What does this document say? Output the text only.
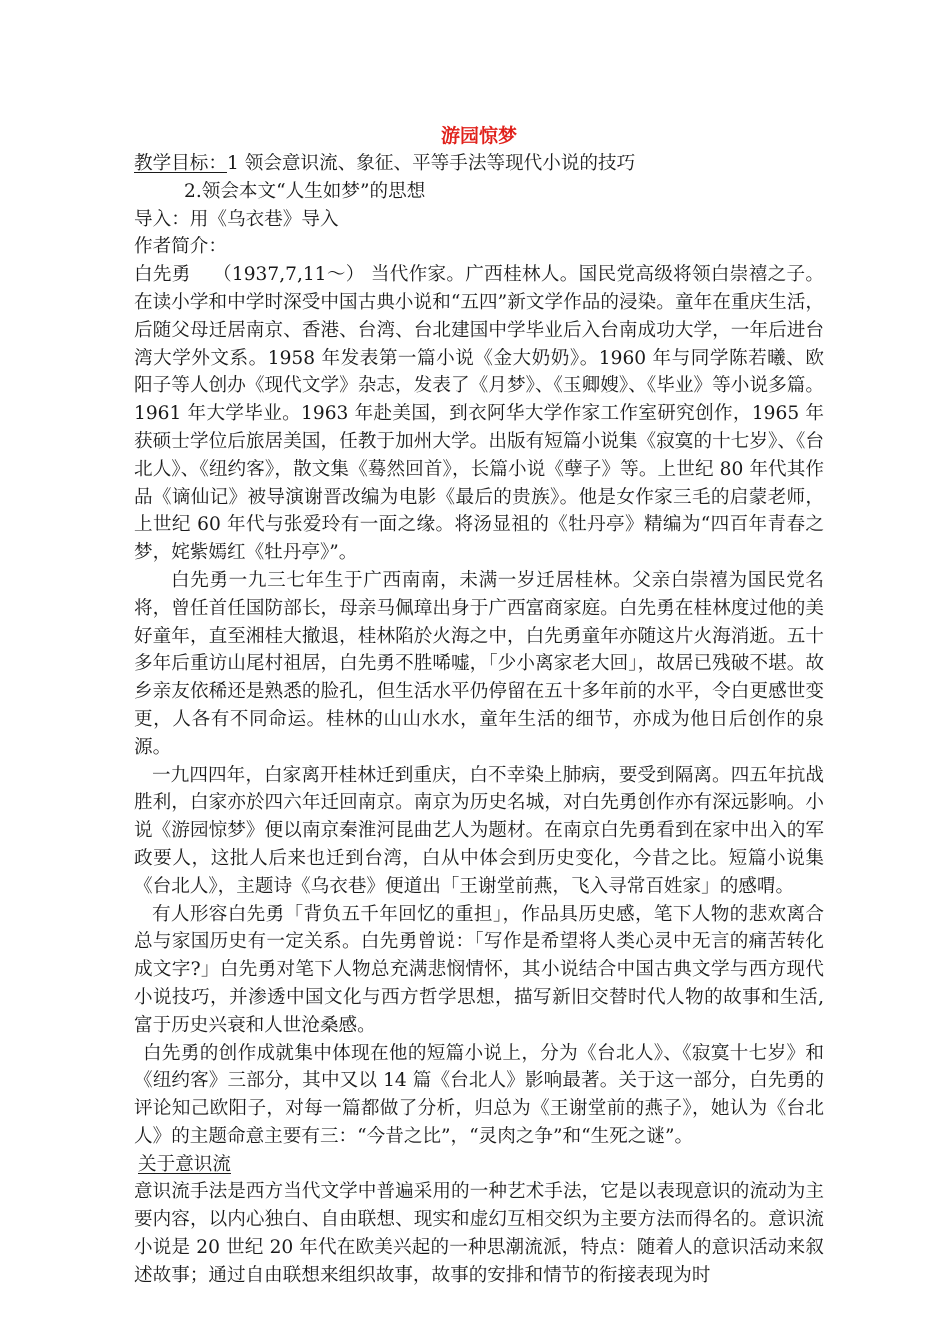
游园惊梦

教学目标：1 领会意识流、象征、平等手法等现代小说的技巧

2.领会本文“人生如梦”的思想

导入：用《乌衣巷》导入

作者简介：

白先勇 （1937,7,11～） 当代作家。广西桂林人。国民党高级将领白崇禧之子。在读小学和中学时深受中国古典小说和“五四”新文学作品的浸染。童年在重庆生活，后随父母迁居南京、香港、台湾、台北建国中学毕业后入台南成功大学，一年后进台湾大学外文系。1958 年发表第一篇小说《金大奶奶》。1960 年与同学陈若曦、欧阳子等人创办《现代文学》杂志，发表了《月梦》、《玉卿嫂》、《毕业》等小说多篇。1961 年大学毕业。1963 年赴美国，到衣阿华大学作家工作室研究创作，1965 年获硕士学位后旅居美国，任教于加州大学。出版有短篇小说集《寂寞的十七岁》、《台北人》、《纽约客》，散文集《蓦然回首》，长篇小说《孽子》等。上世纪 80 年代其作品《谪仙记》被导演谢晋改编为电影《最后的贵族》。他是女作家三毛的启蒙老师，上世纪 60 年代与张爱玲有一面之缘。将汤显祖的《牡丹亭》精编为“四百年青春之梦，姹紫嫣红《牡丹亭》”。

白先勇一九三七年生于广西南南，未满一岁迁居桂林。父亲白崇禧为国民党名将，曾任首任国防部长，母亲马佩璋出身于广西富商家庭。白先勇在桂林度过他的美好童年，直至湘桂大撤退，桂林陷於火海之中，白先勇童年亦随这片火海消逝。五十多年后重访山尾村祖居，白先勇不胜唏嘘，「少小离家老大回」，故居已残破不堪。故乡亲友依稀还是熟悉的脸孔，但生活水平仍停留在五十多年前的水平，令白更感世变更，人各有不同命运。桂林的山山水水，童年生活的细节，亦成为他日后创作的泉源。

一九四四年，白家离开桂林迁到重庆，白不幸染上肺病，要受到隔离。四五年抗战胜利，白家亦於四六年迁回南京。南京为历史名城，对白先勇创作亦有深远影响。小说《游园惊梦》便以南京秦淮河昆曲艺人为题材。在南京白先勇看到在家中出入的军政要人，这批人后来也迁到台湾，白从中体会到历史变化，今昔之比。短篇小说集《台北人》，主题诗《乌衣巷》便道出「王谢堂前燕，飞入寻常百姓家」的感喟。

有人形容白先勇「背负五千年回忆的重担」，作品具历史感，笔下人物的悲欢离合总与家国历史有一定关系。白先勇曾说：「写作是希望将人类心灵中无言的痛苦转化成文字?」白先勇对笔下人物总充满悲悯情怀，其小说结合中国古典文学与西方现代小说技巧，并渗透中国文化与西方哲学思想，描写新旧交替时代人物的故事和生活,富于历史兴衰和人世沧桑感。

白先勇的创作成就集中体现在他的短篇小说上，分为《台北人》、《寂寞十七岁》和《纽约客》三部分，其中又以 14 篇《台北人》影响最著。关于这一部分，白先勇的评论知己欧阳子，对每一篇都做了分析，归总为《王谢堂前的燕子》，她认为《台北人》的主题命意主要有三：“今昔之比”，“灵肉之争”和“生死之谜”。

关于意识流

意识流手法是西方当代文学中普遍采用的一种艺术手法，它是以表现意识的流动为主要内容，以内心独白、自由联想、现实和虚幻互相交织为主要方法而得名的。意识流小说是 20 世纪 20 年代在欧美兴起的一种思潮流派，特点：随着人的意识活动来叙述故事；通过自由联想来组织故事，故事的安排和情节的衔接表现为时
